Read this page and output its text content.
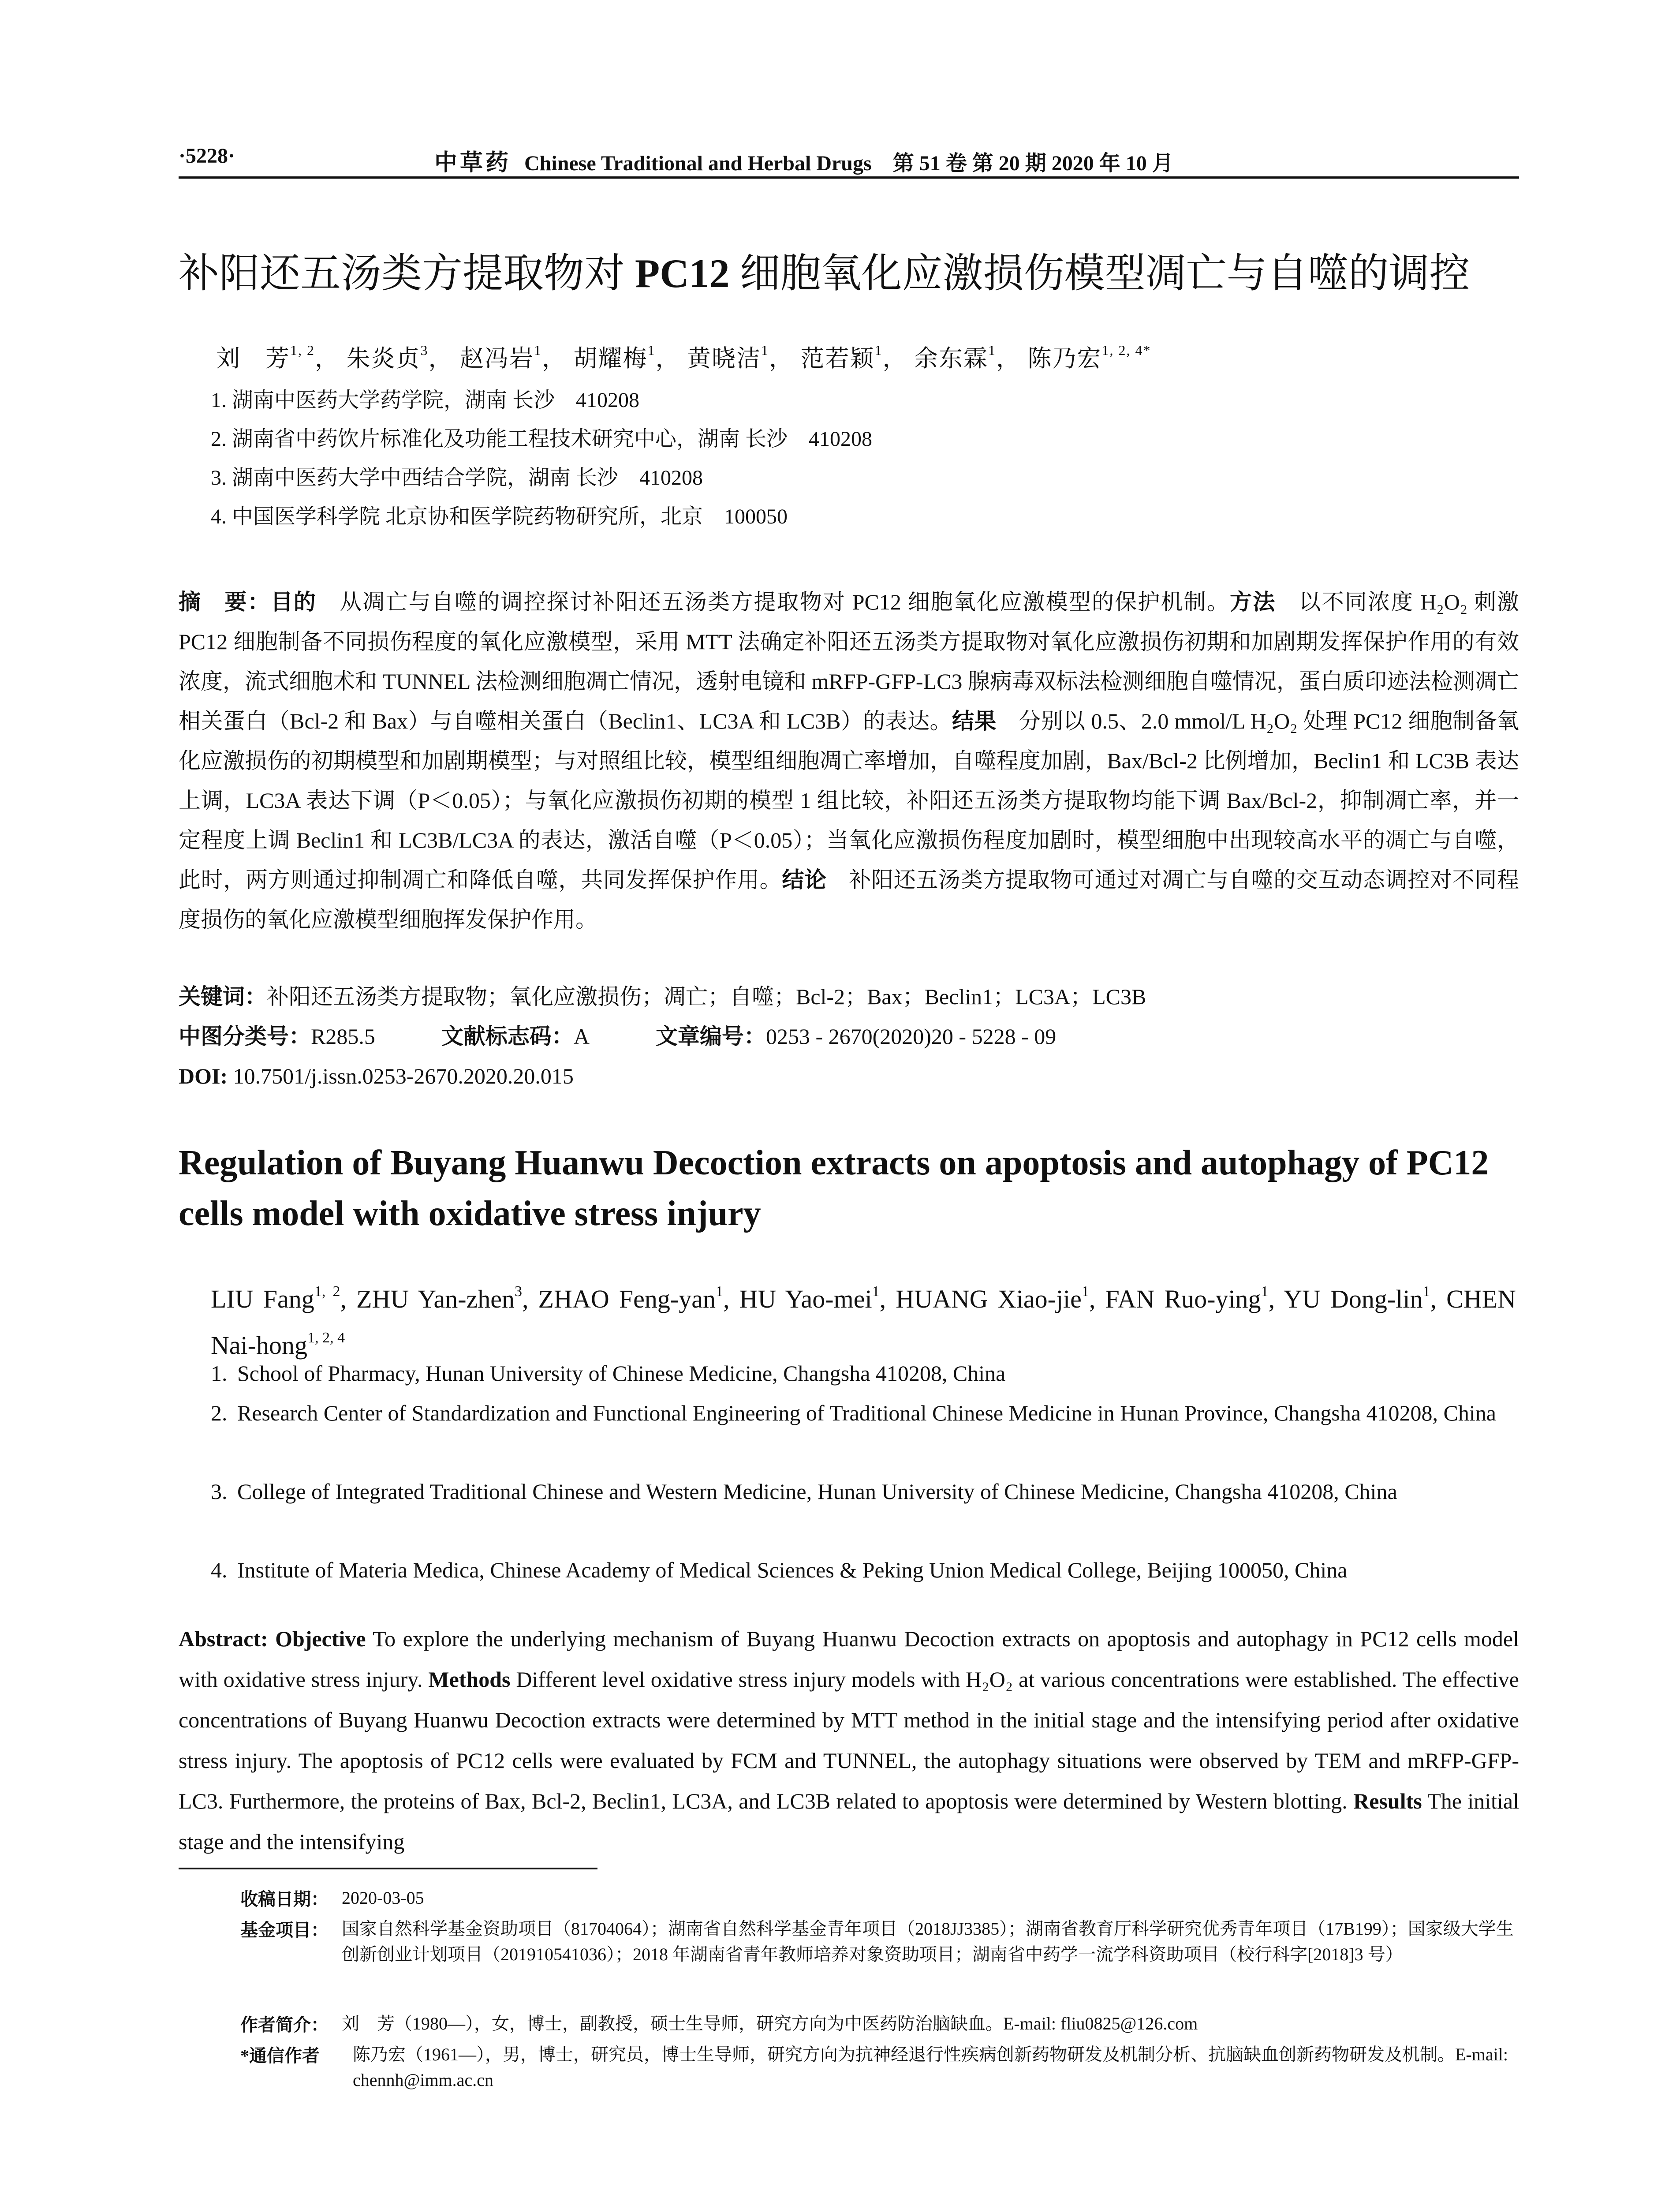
·5228·	中草药 Chinese Traditional and Herbal Drugs 第 51 卷 第 20 期 2020 年 10 月
补阳还五汤类方提取物对 PC12 细胞氧化应激损伤模型凋亡与自噬的调控
刘　芳$^{1, 2}$， 朱炎贞$^3$， 赵冯岩$^1$， 胡耀梅$^1$， 黄晓洁$^1$， 范若颖$^1$， 余东霖$^1$， 陈乃宏$^{1, 2, 4*}$
1. 湖南中医药大学药学院，湖南 长沙　410208
2. 湖南省中药饮片标准化及功能工程技术研究中心，湖南 长沙　410208
3. 湖南中医药大学中西结合学院，湖南 长沙　410208
4. 中国医学科学院 北京协和医学院药物研究所，北京　100050
摘　要：目的　从凋亡与自噬的调控探讨补阳还五汤类方提取物对 PC12 细胞氧化应激模型的保护机制。方法　以不同浓度 H₂O₂ 刺激 PC12 细胞制备不同损伤程度的氧化应激模型，采用 MTT 法确定补阳还五汤类方提取物对氧化应激损伤初期和加剧期发挥保护作用的有效浓度，流式细胞术和 TUNNEL 法检测细胞凋亡情况，透射电镜和 mRFP-GFP-LC3 腺病毒双标法检测细胞自噬情况，蛋白质印迹法检测凋亡相关蛋白（Bcl-2 和 Bax）与自噬相关蛋白（Beclin1、LC3A 和 LC3B）的表达。结果　分别以 0.5、2.0 mmol/L H₂O₂ 处理 PC12 细胞制备氧化应激损伤的初期模型和加剧期模型；与对照组比较，模型组细胞凋亡率增加，自噬程度加剧，Bax/Bcl-2 比例增加，Beclin1 和 LC3B 表达上调，LC3A 表达下调（P＜0.05）；与氧化应激损伤初期的模型 1 组比较，补阳还五汤类方提取物均能下调 Bax/Bcl-2，抑制凋亡率，并一定程度上调 Beclin1 和 LC3B/LC3A 的表达，激活自噬（P＜0.05）；当氧化应激损伤程度加剧时，模型细胞中出现较高水平的凋亡与自噬，此时，两方则通过抑制凋亡和降低自噬，共同发挥保护作用。结论　补阳还五汤类方提取物可通过对凋亡与自噬的交互动态调控对不同程度损伤的氧化应激模型细胞挥发保护作用。
关键词：补阳还五汤类方提取物；氧化应激损伤；凋亡；自噬；Bcl-2；Bax；Beclin1；LC3A；LC3B
中图分类号：R285.5	文献标志码：A	文章编号：0253 - 2670(2020)20 - 5228 - 09
DOI: 10.7501/j.issn.0253-2670.2020.20.015
Regulation of Buyang Huanwu Decoction extracts on apoptosis and autophagy of PC12 cells model with oxidative stress injury
LIU Fang$^{1, 2}$, ZHU Yan-zhen$^3$, ZHAO Feng-yan$^1$, HU Yao-mei$^1$, HUANG Xiao-jie$^1$, FAN Ruo-ying$^1$, YU Dong-lin$^1$, CHEN Nai-hong$^{1, 2, 4}$
1. School of Pharmacy, Hunan University of Chinese Medicine, Changsha 410208, China
2. Research Center of Standardization and Functional Engineering of Traditional Chinese Medicine in Hunan Province, Changsha 410208, China
3. College of Integrated Traditional Chinese and Western Medicine, Hunan University of Chinese Medicine, Changsha 410208, China
4. Institute of Materia Medica, Chinese Academy of Medical Sciences & Peking Union Medical College, Beijing 100050, China
Abstract: Objective To explore the underlying mechanism of Buyang Huanwu Decoction extracts on apoptosis and autophagy in PC12 cells model with oxidative stress injury. Methods Different level oxidative stress injury models with H₂O₂ at various concentrations were established. The effective concentrations of Buyang Huanwu Decoction extracts were determined by MTT method in the initial stage and the intensifying period after oxidative stress injury. The apoptosis of PC12 cells were evaluated by FCM and TUNNEL, the autophagy situations were observed by TEM and mRFP-GFP-LC3. Furthermore, the proteins of Bax, Bcl-2, Beclin1, LC3A, and LC3B related to apoptosis were determined by Western blotting. Results The initial stage and the intensifying
收稿日期： 2020-03-05
基金项目： 国家自然科学基金资助项目（81704064）；湖南省自然科学基金青年项目（2018JJ3385）；湖南省教育厅科学研究优秀青年项目（17B199）；国家级大学生创新创业计划项目（201910541036）；2018 年湖南省青年教师培养对象资助项目；湖南省中药学一流学科资助项目（校行科字[2018]3 号）
作者简介： 刘　芳（1980—），女，博士，副教授，硕士生导师，研究方向为中医药防治脑缺血。E-mail: fliu0825@126.com
*通信作者 陈乃宏（1961—），男，博士，研究员，博士生导师，研究方向为抗神经退行性疾病创新药物研发及机制分析、抗脑缺血创新药物研发及机制。E-mail: chennh@imm.ac.cn
